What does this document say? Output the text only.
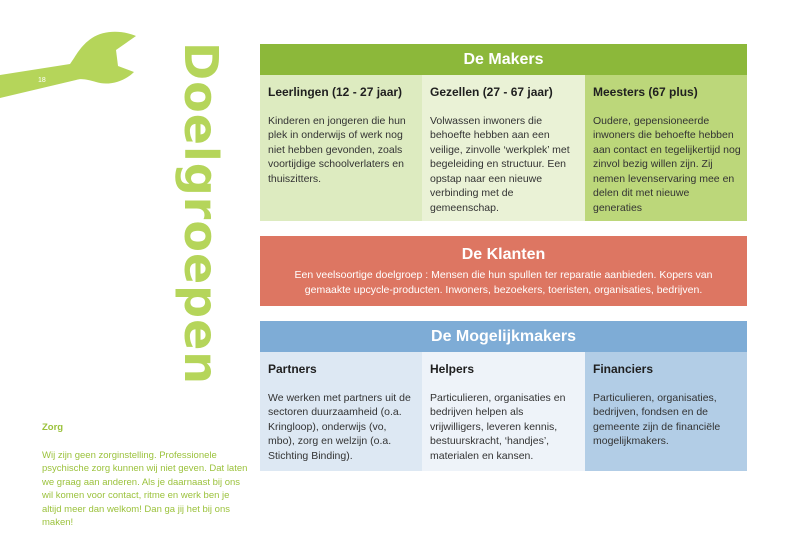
18	Doelgroepen
Zorg

Wij zijn geen zorginstelling. Professionele psychische zorg kunnen wij niet geven. Dat laten we graag aan anderen. Als je daarnaast bij ons wil komen voor contact, ritme en werk ben je altijd meer dan welkom! Dan ga jij het bij ons maken!

De Makers
Leerlingen (12 - 27 jaar)

Kinderen en jongeren die hun plek in onderwijs of werk nog niet hebben gevonden, zoals voortijdige schoolverlaters en thuiszitters.

Gezellen (27 - 67 jaar)

Volwassen inwoners die behoefte hebben aan een veilige, zinvolle ‘werkplek’ met begeleiding en structuur. Een opstap naar een nieuwe verbinding met de gemeenschap.

Meesters (67 plus)

Oudere, gepensioneerde inwoners die behoefte hebben aan contact en tegelijkertijd nog zinvol bezig willen zijn. Zij nemen levenservaring mee en delen dit met nieuwe generaties

De Klanten
Een veelsoortige doelgroep : Mensen die hun spullen ter reparatie aanbieden. Kopers van gemaakte upcycle-producten. Inwoners, bezoekers, toeristen, organisaties, bedrijven.
De Mogelijkmakers
Partners

We werken met partners uit de sectoren duurzaamheid (o.a. Kringloop), onderwijs (vo, mbo), zorg en welzijn (o.a. Stichting Binding).

Helpers

Particulieren, organisaties en bedrijven helpen als vrijwilligers, leveren kennis, bestuurskracht, ‘handjes’, materialen en kansen.

Financiers

Particulieren, organisaties, bedrijven, fondsen en de gemeente zijn de financiële mogelijkmakers.
